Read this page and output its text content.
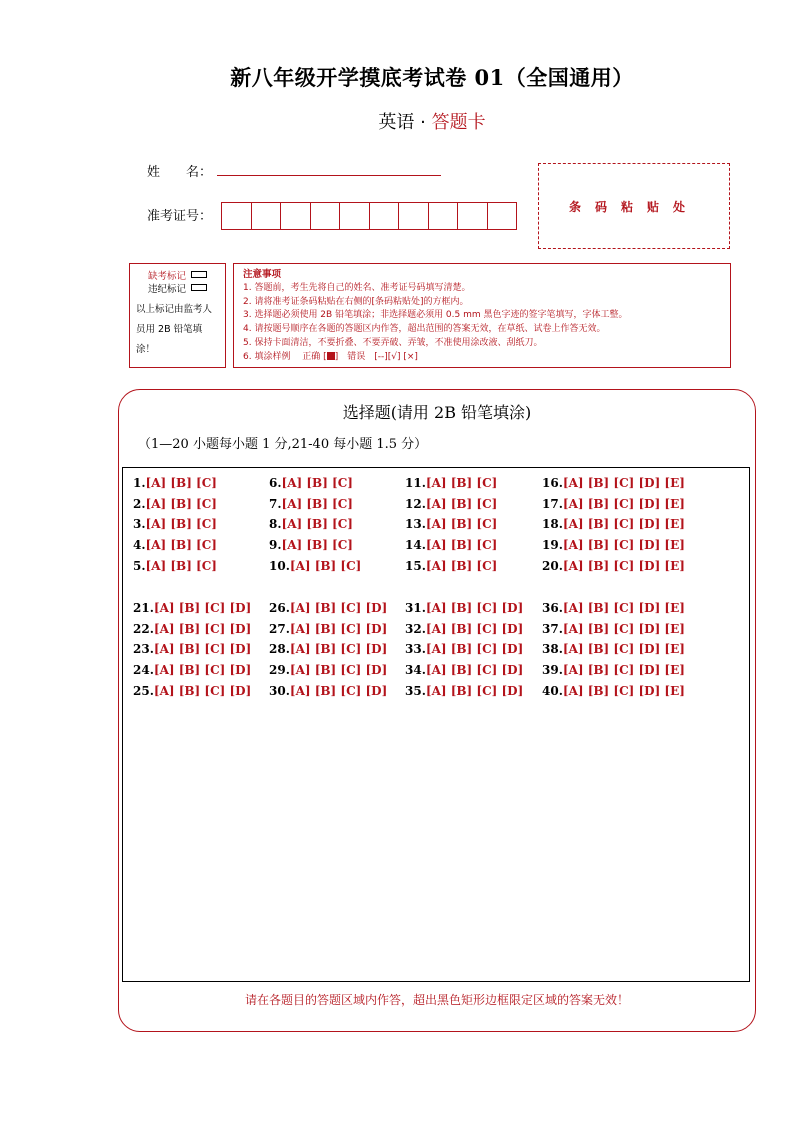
新八年级开学摸底考试卷 01（全国通用）
英语 · 答题卡
姓　　名：
准考证号：
条码粘贴处
缺考标记
违纪标记
以上标记由监考人员用 2B 铅笔填涂！
注意事项
1. 答题前，考生先将自己的姓名、准考证号码填写清楚。
2. 请将准考证条码粘贴在右侧的[条码粘贴处]的方框内。
3. 选择题必须使用 2B 铅笔填涂；非选择题必须用 0.5 mm 黑色字迹的签字笔填写，字体工整。
4. 请按题号顺序在各题的答题区内作答，超出范围的答案无效，在草纸、试卷上作答无效。
5. 保持卡面清洁，不要折叠、不要弄破、弄皱，不准使用涂改液、刮纸刀。
6. 填涂样例　 正确 [ ]　错误　[--][√] [×]
选择题(请用 2B 铅笔填涂)
（1—20 小题每小题 1 分,21-40 每小题 1.5 分）
1.[A] [B] [C]
2.[A] [B] [C]
3.[A] [B] [C]
4.[A] [B] [C]
5.[A] [B] [C]
6.[A] [B] [C]
7.[A] [B] [C]
8.[A] [B] [C]
9.[A] [B] [C]
10.[A] [B] [C]
11.[A] [B] [C]
12.[A] [B] [C]
13.[A] [B] [C]
14.[A] [B] [C]
15.[A] [B] [C]
16.[A] [B] [C] [D] [E]
17.[A] [B] [C] [D] [E]
18.[A] [B] [C] [D] [E]
19.[A] [B] [C] [D] [E]
20.[A] [B] [C] [D] [E]
21.[A] [B] [C] [D]
22.[A] [B] [C] [D]
23.[A] [B] [C] [D]
24.[A] [B] [C] [D]
25.[A] [B] [C] [D]
26.[A] [B] [C] [D]
27.[A] [B] [C] [D]
28.[A] [B] [C] [D]
29.[A] [B] [C] [D]
30.[A] [B] [C] [D]
31.[A] [B] [C] [D]
32.[A] [B] [C] [D]
33.[A] [B] [C] [D]
34.[A] [B] [C] [D]
35.[A] [B] [C] [D]
36.[A] [B] [C] [D] [E]
37.[A] [B] [C] [D] [E]
38.[A] [B] [C] [D] [E]
39.[A] [B] [C] [D] [E]
40.[A] [B] [C] [D] [E]
请在各题目的答题区域内作答，超出黑色矩形边框限定区域的答案无效！
